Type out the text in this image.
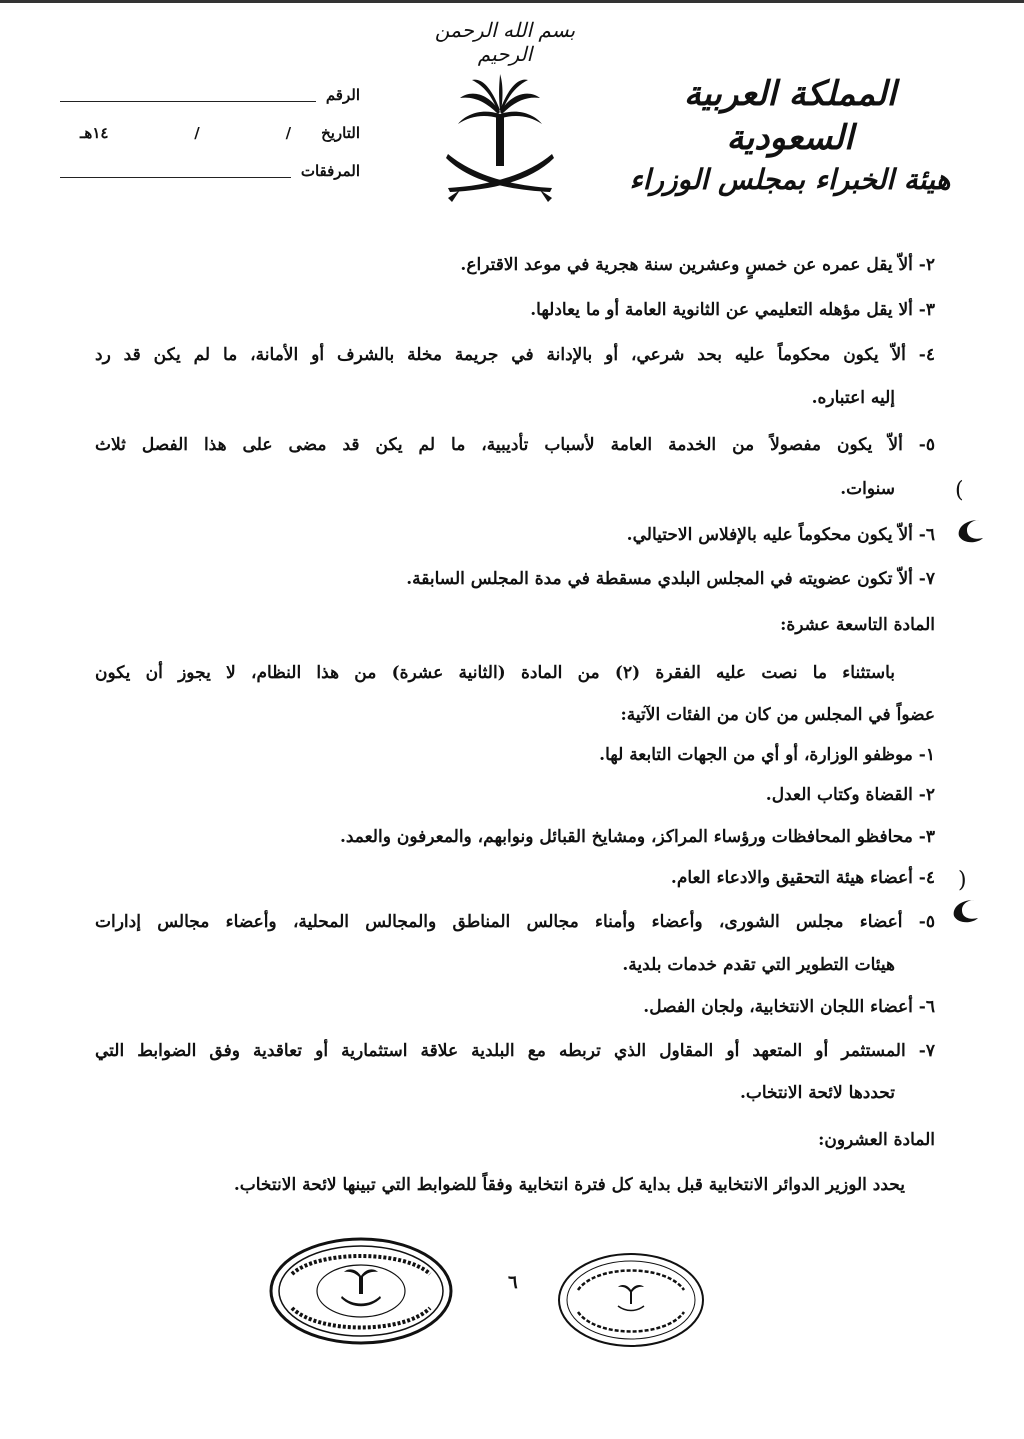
بسم الله الرحمن الرحيم
الرقم
التاريخ
/
/
١٤هـ
المرفقات
المملكة العربية السعودية
هيئة الخبراء بمجلس الوزراء
٢- ألاّ يقل عمره عن خمسٍ وعشرين سنة هجرية في موعد الاقتراع.
٣- ألا يقل مؤهله التعليمي عن الثانوية العامة أو ما يعادلها.
٤- ألاّ يكون محكوماً عليه بحد شرعي، أو بالإدانة في جريمة مخلة بالشرف أو الأمانة، ما لم يكن قد رد
إليه اعتباره.
٥- ألاّ يكون مفصولاً من الخدمة العامة لأسباب تأديبية، ما لم يكن قد مضى على هذا الفصل ثلاث
سنوات.
٦- ألاّ يكون محكوماً عليه بالإفلاس الاحتيالي.
٧- ألاّ تكون عضويته في المجلس البلدي مسقطة في مدة المجلس السابقة.
المادة التاسعة عشرة:
باستثناء ما نصت عليه الفقرة (٢) من المادة (الثانية عشرة) من هذا النظام، لا يجوز أن يكون
عضواً في المجلس من كان من الفئات الآتية:
١- موظفو الوزارة، أو أي من الجهات التابعة لها.
٢- القضاة وكتاب العدل.
٣- محافظو المحافظات ورؤساء المراكز، ومشايخ القبائل ونوابهم، والمعرفون والعمد.
٤- أعضاء هيئة التحقيق والادعاء العام.
٥- أعضاء مجلس الشورى، وأعضاء وأمناء مجالس المناطق والمجالس المحلية، وأعضاء مجالس إدارات
هيئات التطوير التي تقدم خدمات بلدية.
٦- أعضاء اللجان الانتخابية، ولجان الفصل.
٧- المستثمر أو المتعهد أو المقاول الذي تربطه مع البلدية علاقة استثمارية أو تعاقدية وفق الضوابط التي
تحددها لائحة الانتخاب.
المادة العشرون:
يحدد الوزير الدوائر الانتخابية قبل بداية كل فترة انتخابية وفقاً للضوابط التي تبينها لائحة الانتخاب.
(
)
٦
